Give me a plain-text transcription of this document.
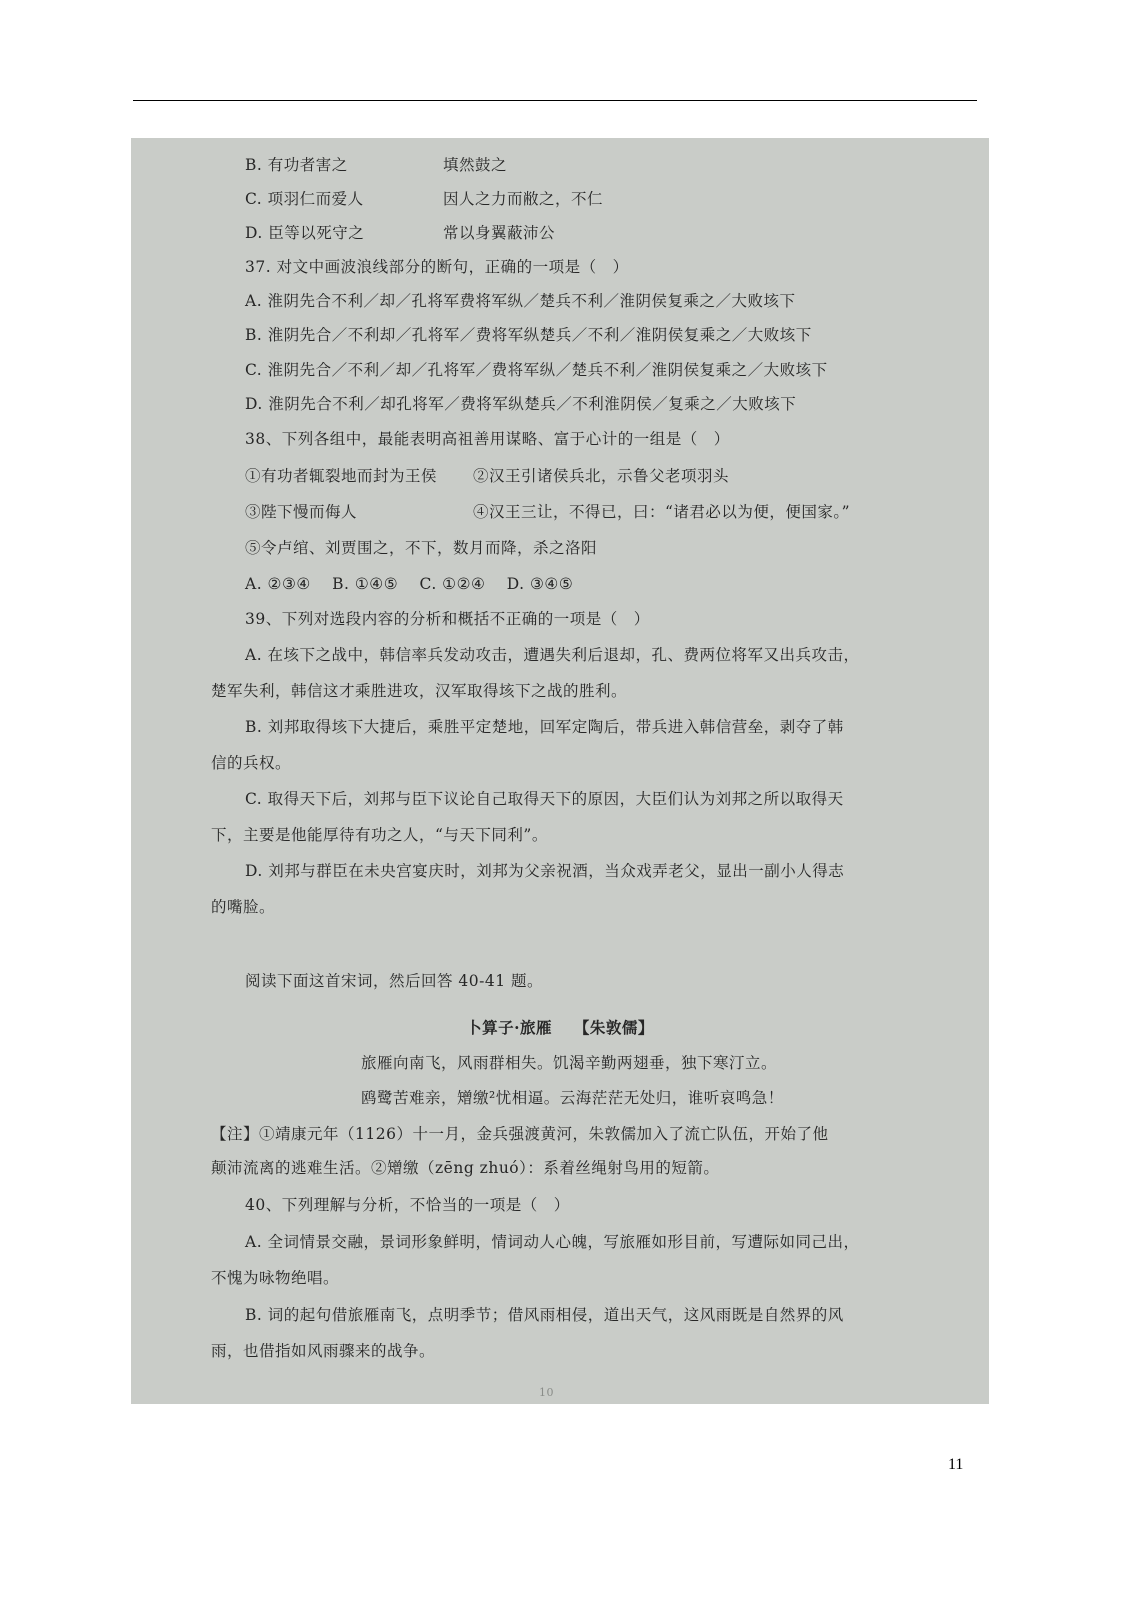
B. 有功者害之	填然鼓之
C. 项羽仁而爱人	因人之力而敝之，不仁
D. 臣等以死守之	常以身翼蔽沛公
37. 对文中画波浪线部分的断句，正确的一项是（　）
A. 淮阴先合不利／却／孔将军费将军纵／楚兵不利／淮阴侯复乘之／大败垓下
B. 淮阴先合／不利却／孔将军／费将军纵楚兵／不利／淮阴侯复乘之／大败垓下
C. 淮阴先合／不利／却／孔将军／费将军纵／楚兵不利／淮阴侯复乘之／大败垓下
D. 淮阴先合不利／却孔将军／费将军纵楚兵／不利淮阴侯／复乘之／大败垓下
38、下列各组中，最能表明高祖善用谋略、富于心计的一组是（　）
①有功者辄裂地而封为王侯 ②汉王引诸侯兵北，示鲁父老项羽头
③陛下慢而侮人	④汉王三让，不得已，曰：“诸君必以为便，便国家。”
⑤令卢绾、刘贾围之，不下，数月而降，杀之洛阳
A. ②③④　 B. ①④⑤　 C. ①②④　 D. ③④⑤
39、下列对选段内容的分析和概括不正确的一项是（　）
A. 在垓下之战中，韩信率兵发动攻击，遭遇失利后退却，孔、费两位将军又出兵攻击，
楚军失利，韩信这才乘胜进攻，汉军取得垓下之战的胜利。
B. 刘邦取得垓下大捷后，乘胜平定楚地，回军定陶后，带兵进入韩信营垒，剥夺了韩
信的兵权。
C. 取得天下后，刘邦与臣下议论自己取得天下的原因，大臣们认为刘邦之所以取得天
下，主要是他能厚待有功之人，“与天下同利”。
D. 刘邦与群臣在未央宫宴庆时，刘邦为父亲祝酒，当众戏弄老父，显出一副小人得志
的嘴脸。
阅读下面这首宋词，然后回答 40-41 题。
卜算子·旅雁　 【朱敦儒】
旅雁向南飞，风雨群相失。饥渴辛勤两翅垂，独下寒汀立。
鸥鹭苦难亲，矰缴²忧相逼。云海茫茫无处归，谁听哀鸣急！
【注】①靖康元年（1126）十一月，金兵强渡黄河，朱敦儒加入了流亡队伍，开始了他
颠沛流离的逃难生活。②矰缴（zēng zhuó）：系着丝绳射鸟用的短箭。
40、下列理解与分析，不恰当的一项是（　）
A. 全词情景交融，景词形象鲜明，情词动人心魄，写旅雁如形目前，写遭际如同己出，
不愧为咏物绝唱。
B. 词的起句借旅雁南飞，点明季节；借风雨相侵，道出天气，这风雨既是自然界的风
雨，也借指如风雨骤来的战争。
10
11
